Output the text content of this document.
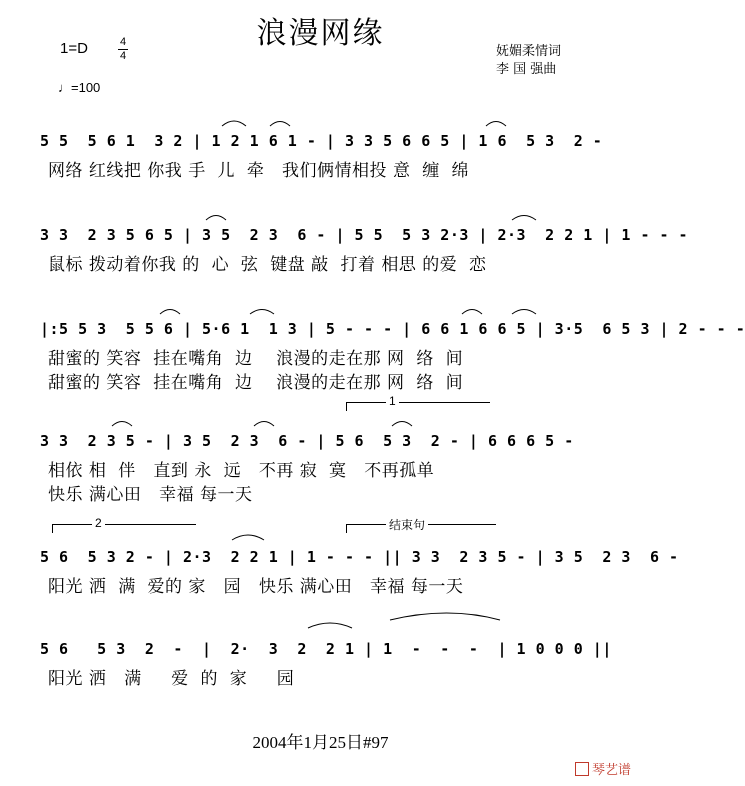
浪漫网缘
1=D	4
4
♩=100
妩媚柔情词
李 国 强曲
5 5  5 6 1  3 2 | 1 2 1 6 1 - | 3 3 5 6 6 5 | 1 6  5 3  2 -
网络 红线把 你我 手  儿  牵   我们俩情相投 意  缠  绵
3 3  2 3 5 6 5 | 3 5  2 3  6 - | 5 5  5 3 2·3 | 2·3  2 2 1 | 1 - - -
鼠标 拨动着你我 的  心  弦  键盘 敲  打着 相思 的爱  恋
|:5 5 3  5 5 6 | 5·6 1  1 3 | 5 - - - | 6 6 1 6 6 5 | 3·5  6 5 3 | 2 - - -
甜蜜的 笑容  挂在嘴角  边    浪漫的走在那 网  络  间
甜蜜的 笑容  挂在嘴角  边    浪漫的走在那 网  络  间
1
3 3  2 3 5 - | 3 5  2 3  6 - | 5 6  5 3  2 - | 6 6 6 5 -
相依 相  伴   直到 永  远   不再 寂  寞   不再孤单
快乐 满心田   幸福 每一天
2	结束句
5 6  5 3 2 - | 2·3  2 2 1 | 1 - - - || 3 3  2 3 5 - | 3 5  2 3  6 -
阳光 洒  满  爱的 家   园   快乐 满心田   幸福 每一天
5 6   5 3  2  -  |  2·  3  2  2 1 | 1  -  -  -  | 1 0 0 0 ||
阳光 洒   满     爱  的  家     园
2004年1月25日#97
琴艺谱
